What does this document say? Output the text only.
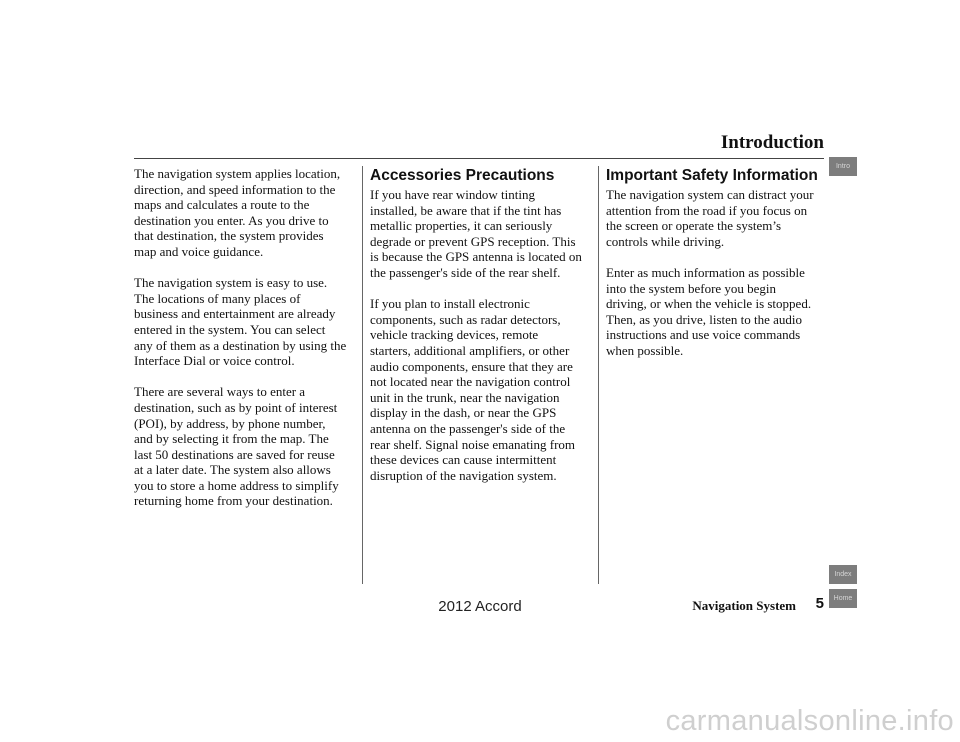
Introduction

The navigation system applies location,
direction, and speed information to the
maps and calculates a route to the
destination you enter. As you drive to
that destination, the system provides
map and voice guidance.

The navigation system is easy to use.
The locations of many places of
business and entertainment are already
entered in the system. You can select
any of them as a destination by using the
Interface Dial or voice control.

There are several ways to enter a
destination, such as by point of interest
(POI), by address, by phone number,
and by selecting it from the map. The
last 50 destinations are saved for reuse
at a later date. The system also allows
you to store a home address to simplify
returning home from your destination.

Accessories Precautions

If you have rear window tinting
installed, be aware that if the tint has
metallic properties, it can seriously
degrade or prevent GPS reception. This
is because the GPS antenna is located on
the passenger's side of the rear shelf.

If you plan to install electronic
components, such as radar detectors,
vehicle tracking devices, remote
starters, additional amplifiers, or other
audio components, ensure that they are
not located near the navigation control
unit in the trunk, near the navigation
display in the dash, or near the GPS
antenna on the passenger's side of the
rear shelf. Signal noise emanating from
these devices can cause intermittent
disruption of the navigation system.

Important Safety Information

The navigation system can distract your
attention from the road if you focus on
the screen or operate the system’s
controls while driving.

Enter as much information as possible
into the system before you begin
driving, or when the vehicle is stopped.
Then, as you drive, listen to the audio
instructions and use voice commands
when possible.

Intro
Index
Home
Navigation System	5
2012 Accord
carmanualsonline.info
